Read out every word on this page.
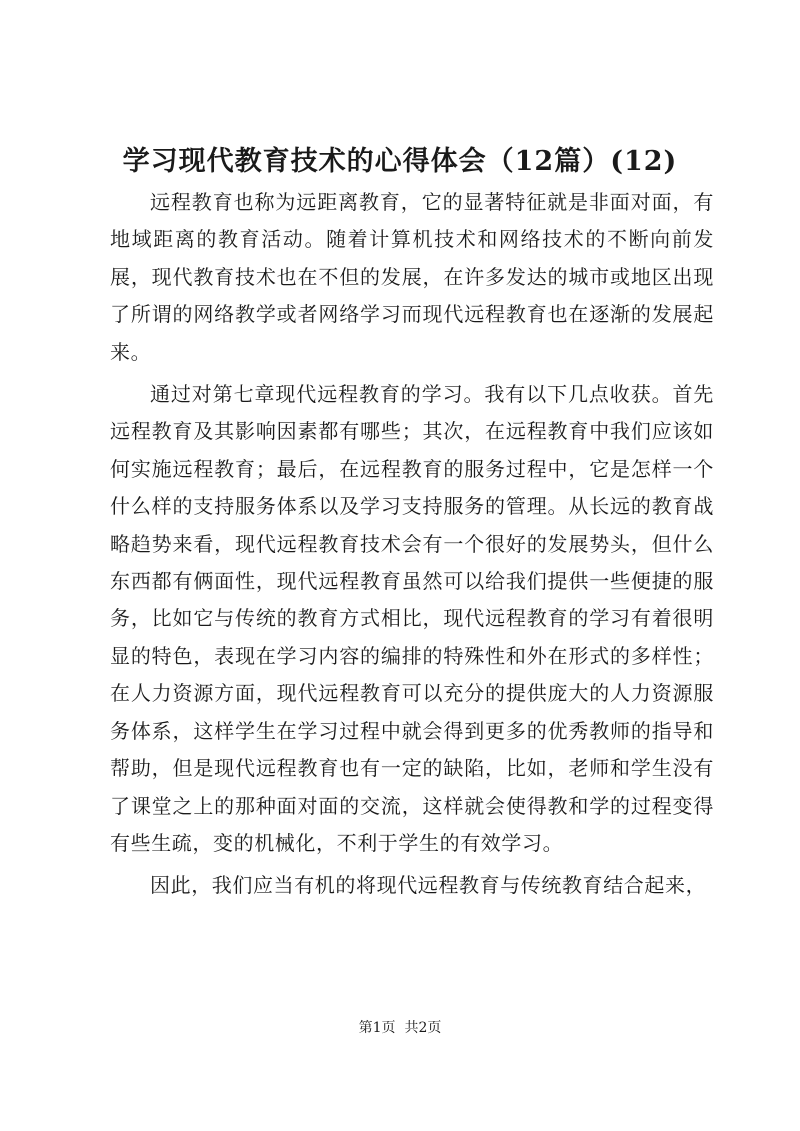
学习现代教育技术的心得体会（12篇）(12)

远程教育也称为远距离教育，它的显著特征就是非面对面，有地域距离的教育活动。随着计算机技术和网络技术的不断向前发展，现代教育技术也在不但的发展，在许多发达的城市或地区出现了所谓的网络教学或者网络学习而现代远程教育也在逐渐的发展起来。

通过对第七章现代远程教育的学习。我有以下几点收获。首先远程教育及其影响因素都有哪些；其次，在远程教育中我们应该如何实施远程教育；最后，在远程教育的服务过程中，它是怎样一个什么样的支持服务体系以及学习支持服务的管理。从长远的教育战略趋势来看，现代远程教育技术会有一个很好的发展势头，但什么东西都有俩面性，现代远程教育虽然可以给我们提供一些便捷的服务，比如它与传统的教育方式相比，现代远程教育的学习有着很明显的特色，表现在学习内容的编排的特殊性和外在形式的多样性；在人力资源方面，现代远程教育可以充分的提供庞大的人力资源服务体系，这样学生在学习过程中就会得到更多的优秀教师的指导和帮助，但是现代远程教育也有一定的缺陷，比如，老师和学生没有了课堂之上的那种面对面的交流，这样就会使得教和学的过程变得有些生疏，变的机械化，不利于学生的有效学习。

因此，我们应当有机的将现代远程教育与传统教育结合起来，

第1页 共2页
